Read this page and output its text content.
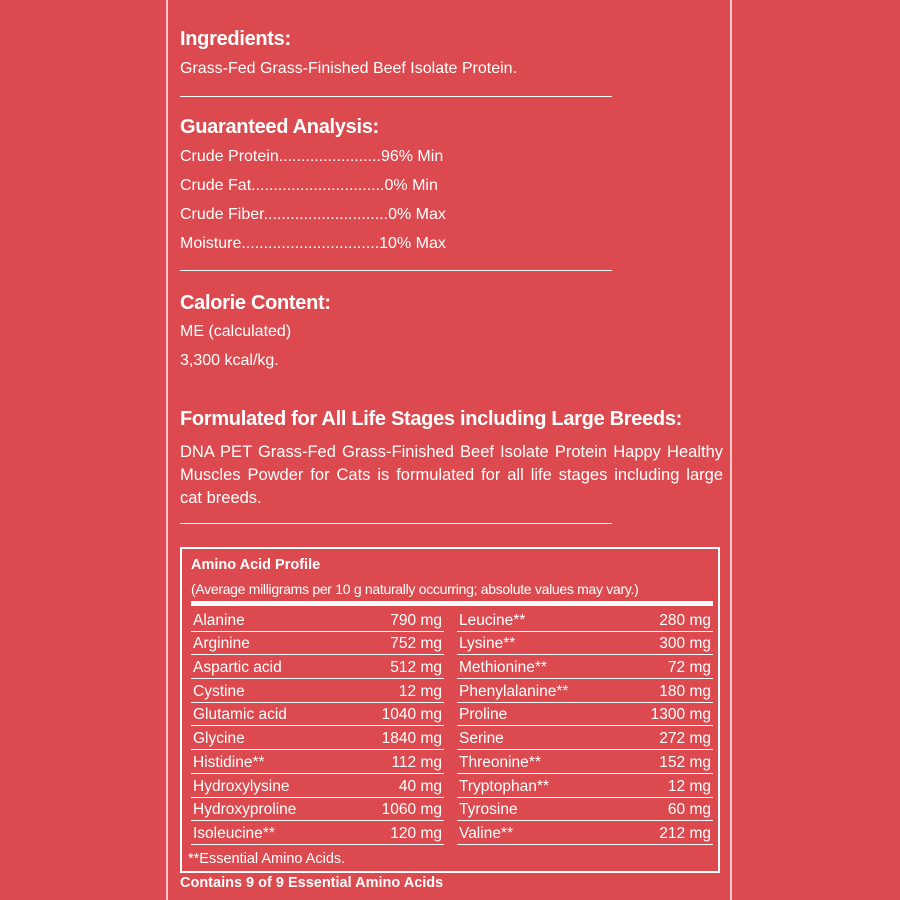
Ingredients:
Grass-Fed Grass-Finished Beef Isolate Protein.
Guaranteed Analysis:
Crude Protein.......................96% Min
Crude Fat..............................0% Min
Crude Fiber............................0% Max
Moisture...............................10% Max
Calorie Content:
ME (calculated)
3,300 kcal/kg.
Formulated for All Life Stages including Large Breeds:
DNA PET Grass-Fed Grass-Finished Beef Isolate Protein Happy Healthy Muscles Powder for Cats is formulated for all life stages including large cat breeds.
Amino Acid Profile
(Average milligrams per 10 g naturally occurring; absolute values may vary.)
Alanine	790 mg
Arginine	752 mg
Aspartic acid	512 mg
Cystine	12 mg
Glutamic acid	1040 mg
Glycine	1840 mg
Histidine**	112 mg
Hydroxylysine	40 mg
Hydroxyproline	1060 mg
Isoleucine**	120 mg
Leucine**	280 mg
Lysine**	300 mg
Methionine**	72 mg
Phenylalanine**	180 mg
Proline	1300 mg
Serine	272 mg
Threonine**	152 mg
Tryptophan**	12 mg
Tyrosine	60 mg
Valine**	212 mg
**Essential Amino Acids.
Contains 9 of 9 Essential Amino Acids
